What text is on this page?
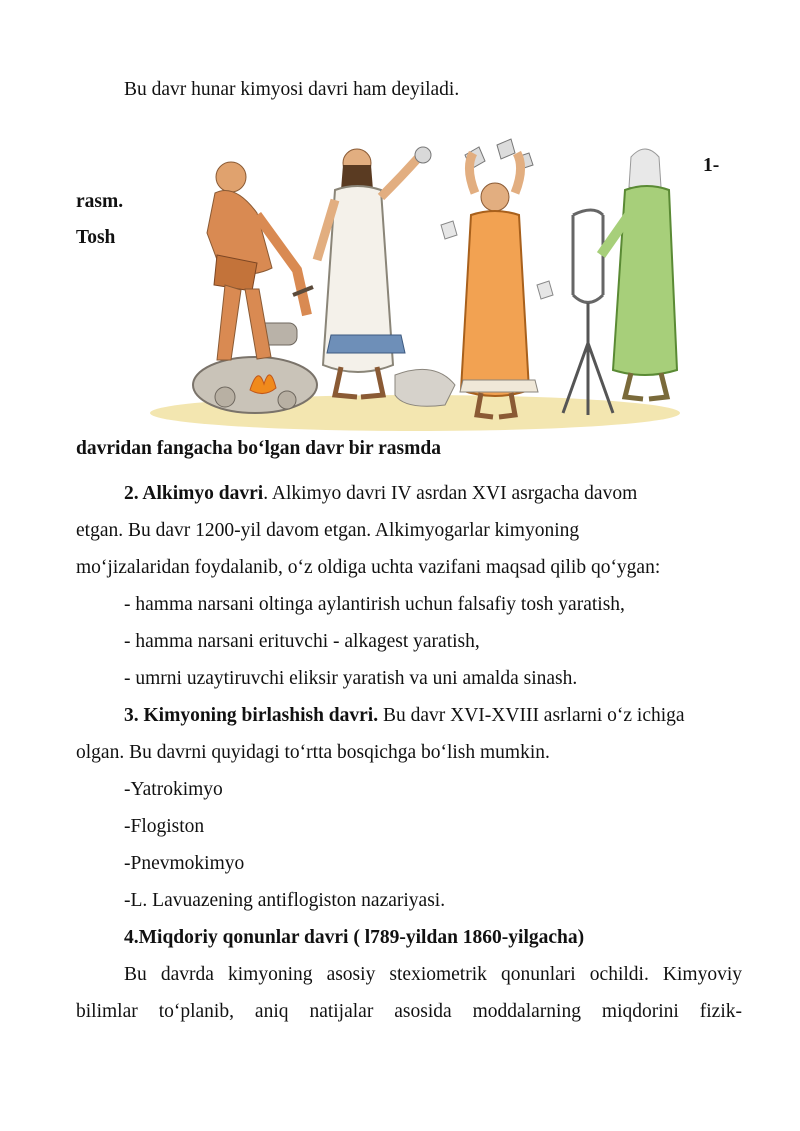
Bu davr hunar kimyosi davri ham deyiladi.
1-
rasm.
Tosh
davridan fangacha bo‘lgan davr bir rasmda
2. Alkimyo davri. Alkimyo davri IV asrdan XVI asrgacha davom
etgan. Bu davr 1200-yil davom etgan. Alkimyogarlar kimyoning
mo‘jizalaridan foydalanib, o‘z oldiga uchta vazifani maqsad qilib qo‘ygan:
- hamma narsani oltinga aylantirish uchun falsafiy tosh yaratish,
- hamma narsani erituvchi - alkagest yaratish,
- umrni uzaytiruvchi eliksir yaratish va uni amalda sinash.
3. Kimyoning birlashish davri. Bu davr XVI-XVIII asrlarni o‘z ichiga
olgan. Bu davrni quyidagi to‘rtta bosqichga bo‘lish mumkin.
-Yatrokimyo
-Flogiston
-Pnevmokimyo
-L. Lavuazening antiflogiston nazariyasi.
4.Miqdoriy qonunlar davri ( l789-yildan 1860-yilgacha)
Bu davrda kimyoning asosiy stexiometrik qonunlari ochildi. Kimyoviy
bilimlar to‘planib, aniq natijalar asosida moddalarning miqdorini fizik-
